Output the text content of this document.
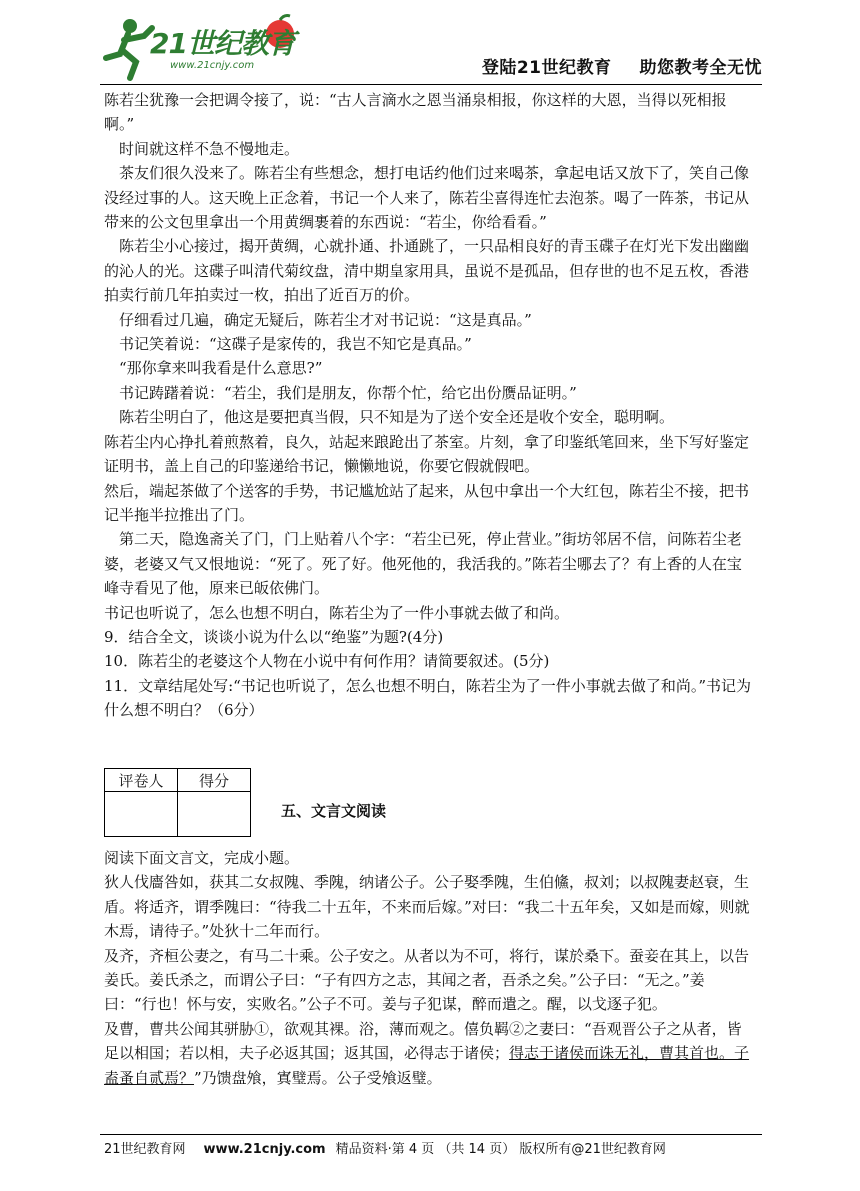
21世纪教育
www.21cnjy.com	登陆21世纪教育 助您教考全无忧

陈若尘犹豫一会把调令接了，说：“古人言滴水之恩当涌泉相报，你这样的大恩，当得以死相报啊。”

时间就这样不急不慢地走。

茶友们很久没来了。陈若尘有些想念，想打电话约他们过来喝茶，拿起电话又放下了，笑自己像没经过事的人。这天晚上正念着，书记一个人来了，陈若尘喜得连忙去泡茶。喝了一阵茶，书记从带来的公文包里拿出一个用黄绸裹着的东西说：“若尘，你给看看。”

陈若尘小心接过，揭开黄绸，心就扑通、扑通跳了，一只品相良好的青玉碟子在灯光下发出幽幽的沁人的光。这碟子叫清代菊纹盘，清中期皇家用具，虽说不是孤品，但存世的也不足五枚，香港拍卖行前几年拍卖过一枚，拍出了近百万的价。

仔细看过几遍，确定无疑后，陈若尘才对书记说：“这是真品。”

书记笑着说：“这碟子是家传的，我岂不知它是真品。”

“那你拿来叫我看是什么意思?”

书记踌躇着说：“若尘，我们是朋友，你帮个忙，给它出份赝品证明。”

陈若尘明白了，他这是要把真当假，只不知是为了送个安全还是收个安全，聪明啊。

陈若尘内心挣扎着煎熬着，良久，站起来踉跄出了茶室。片刻，拿了印鉴纸笔回来，坐下写好鉴定证明书，盖上自己的印鉴递给书记，懒懒地说，你要它假就假吧。

然后，端起茶做了个送客的手势，书记尴尬站了起来，从包中拿出一个大红包，陈若尘不接，把书记半拖半拉推出了门。

第二天，隐逸斋关了门，门上贴着八个字：“若尘已死，停止营业。”街坊邻居不信，问陈若尘老婆，老婆又气又恨地说：“死了。死了好。他死他的，我活我的。”陈若尘哪去了？有上香的人在宝峰寺看见了他，原来已皈依佛门。

书记也听说了，怎么也想不明白，陈若尘为了一件小事就去做了和尚。

9．结合全文，谈谈小说为什么以“绝鉴”为题?(4分)

10．陈若尘的老婆这个人物在小说中有何作用？请简要叙述。(5分)

11．文章结尾处写:“书记也听说了，怎么也想不明白，陈若尘为了一件小事就去做了和尚。”书记为什么想不明白？（6分）

评卷人	得分

五、文言文阅读

阅读下面文言文，完成小题。

狄人伐廧咎如，获其二女叔隗、季隗，纳诸公子。公子娶季隗，生伯鯈，叔刘；以叔隗妻赵衰，生盾。将适齐，谓季隗曰：“待我二十五年，不来而后嫁。”对曰：“我二十五年矣，又如是而嫁，则就木焉，请待子。”处狄十二年而行。

及齐，齐桓公妻之，有马二十乘。公子安之。从者以为不可，将行，谋於桑下。蚕妾在其上，以告姜氏。姜氏杀之，而谓公子曰：“子有四方之志，其闻之者，吾杀之矣。”公子曰：“无之。”姜曰：“行也！怀与安，实败名。”公子不可。姜与子犯谋，醉而遣之。醒，以戈逐子犯。

及曹，曹共公闻其骈胁①，欲观其裸。浴，薄而观之。僖负羁②之妻曰：“吾观晋公子之从者，皆足以相国；若以相，夫子必返其国；返其国，必得志于诸侯；得志于诸侯而诛无礼，曹其首也。子盍蚤自贰焉？”乃馈盘飧，寘璧焉。公子受飧返璧。

21世纪教育网 www.21cnjy.com 精品资料·第 4 页 （共 14 页） 版权所有@21世纪教育网
